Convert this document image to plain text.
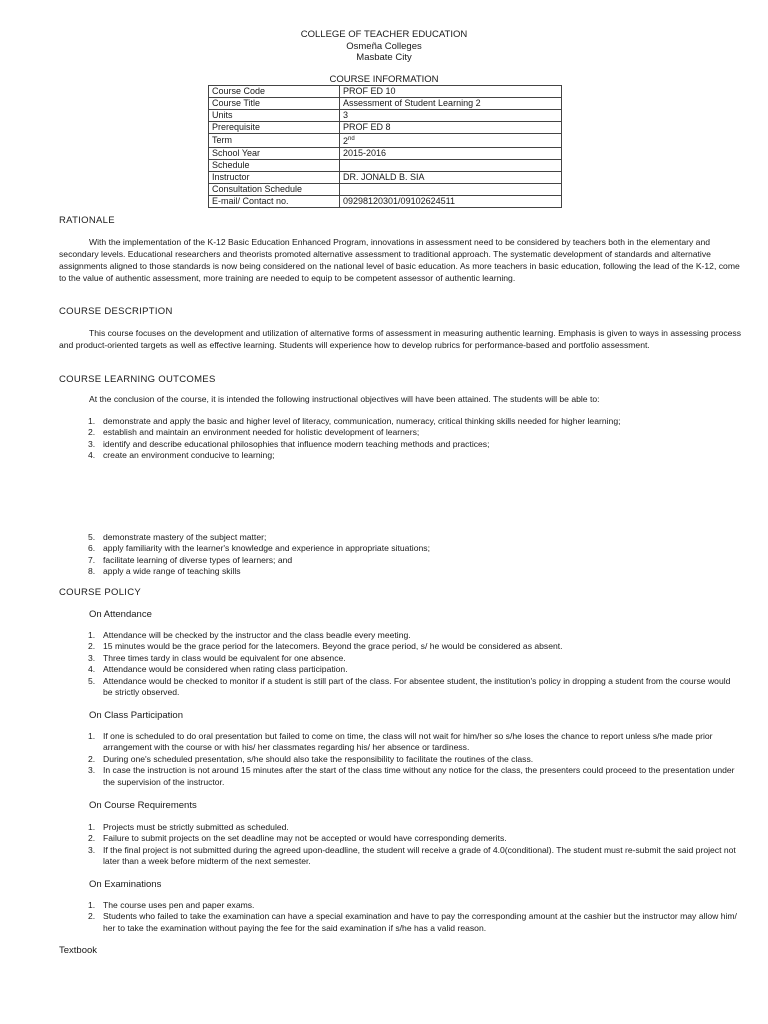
COLLEGE OF TEACHER EDUCATION
Osmeña Colleges
Masbate City
COURSE INFORMATION
Course Code	PROF ED 10
Course Title	Assessment of Student Learning 2
Units	3
Prerequisite	PROF ED 8
Term	2nd
School Year	2015-2016
Schedule	
Instructor	DR. JONALD B. SIA
Consultation Schedule	
E-mail/ Contact no.	09298120301/09102624511
RATIONALE
With the implementation of the K-12 Basic Education Enhanced Program, innovations in assessment need to be considered by teachers both in the elementary and secondary levels. Educational researchers and theorists promoted alternative assessment to traditional approach. The systematic development of standards and alternative assignments aligned to those standards is now being considered on the national level of basic education. As more teachers in basic education, following the lead of the K-12, come to the value of authentic assessment, more training are needed to equip to be competent assessor of authentic learning.
COURSE DESCRIPTION
This course focuses on the development and utilization of alternative forms of assessment in measuring authentic learning. Emphasis is given to ways in assessing process and product-oriented targets as well as effective learning. Students will experience how to develop rubrics for performance-based and portfolio assessment.
COURSE LEARNING OUTCOMES
At the conclusion of the course, it is intended the following instructional objectives will have been attained. The students will be able to:
1. demonstrate and apply the basic and higher level of literacy, communication, numeracy, critical thinking skills needed for higher learning;
2. establish and maintain an environment needed for holistic development of learners;
3. identify and describe educational philosophies that influence modern teaching methods and practices;
4. create an environment conducive to learning;
5. demonstrate mastery of the subject matter;
6. apply familiarity with the learner's knowledge and experience in appropriate situations;
7. facilitate learning of diverse types of learners; and
8. apply a wide range of teaching skills
COURSE POLICY
On Attendance
1. Attendance will be checked by the instructor and the class beadle every meeting.
2. 15 minutes would be the grace period for the latecomers. Beyond the grace period, s/ he would be considered as absent.
3. Three times tardy in class would be equivalent for one absence.
4. Attendance would be considered when rating class participation.
5. Attendance would be checked to monitor if a student is still part of the class. For absentee student, the institution's policy in dropping a student from the course would be strictly observed.
On Class Participation
1. If one is scheduled to do oral presentation but failed to come on time, the class will not wait for him/her so s/he loses the chance to report unless s/he made prior arrangement with the course or with his/ her classmates regarding his/ her absence or tardiness.
2. During one's scheduled presentation, s/he should also take the responsibility to facilitate the routines of the class.
3. In case the instruction is not around 15 minutes after the start of the class time without any notice for the class, the presenters could proceed to the presentation under the supervision of the instructor.
On Course Requirements
1. Projects must be strictly submitted as scheduled.
2. Failure to submit projects on the set deadline may not be accepted or would have corresponding demerits.
3. If the final project is not submitted during the agreed upon-deadline, the student will receive a grade of 4.0(conditional). The student must re-submit the said project not later than a week before midterm of the next semester.
On Examinations
1. The course uses pen and paper exams.
2. Students who failed to take the examination can have a special examination and have to pay the corresponding amount at the cashier but the instructor may allow him/ her to take the examination without paying the fee for the said examination if s/he has a valid reason.
Textbook
